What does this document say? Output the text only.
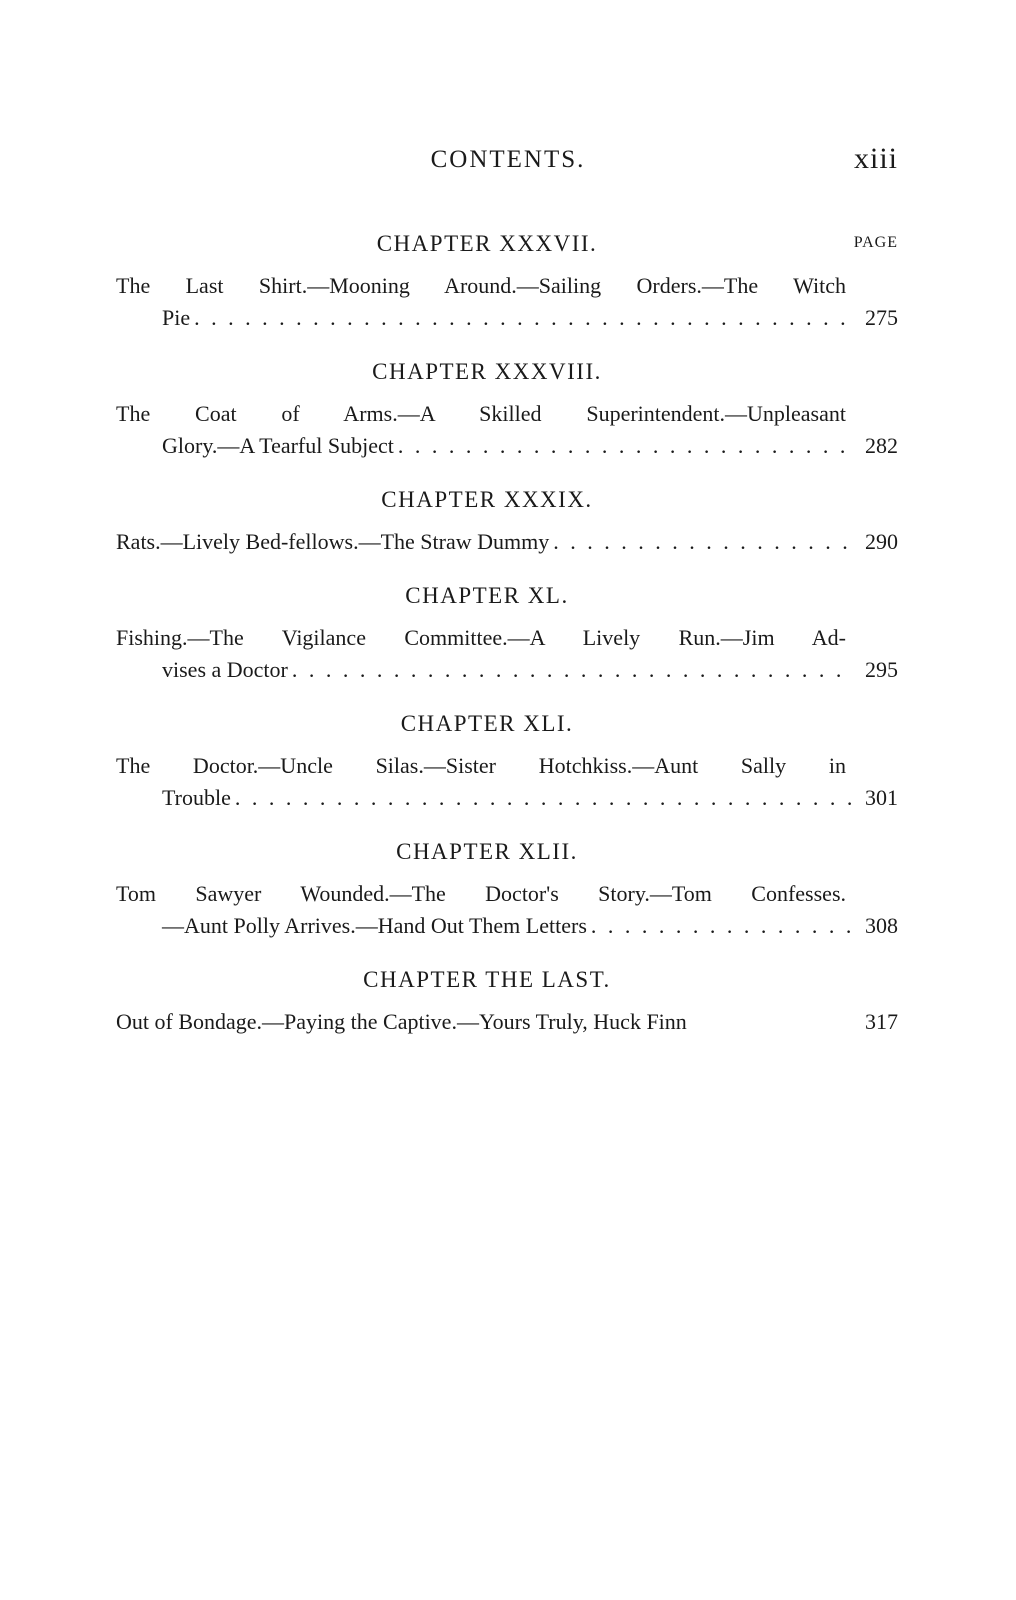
CONTENTS.	xiii
CHAPTER XXXVII.	PAGE
The Last Shirt.—Mooning Around.—Sailing Orders.—The Witch
Pie . . .	275
CHAPTER XXXVIII.
The Coat of Arms.—A Skilled Superintendent.—Unpleasant
Glory.—A Tearful Subject . . .	282
CHAPTER XXXIX.
Rats.—Lively Bed-fellows.—The Straw Dummy . . .	290
CHAPTER XL.
Fishing.—The Vigilance Committee.—A Lively Run.—Jim Ad-
vises a Doctor . . .	295
CHAPTER XLI.
The Doctor.—Uncle Silas.—Sister Hotchkiss.—Aunt Sally in
Trouble . . .	301
CHAPTER XLII.
Tom Sawyer Wounded.—The Doctor's Story.—Tom Confesses.
—Aunt Polly Arrives.—Hand Out Them Letters . . .	308
CHAPTER THE LAST.
Out of Bondage.—Paying the Captive.—Yours Truly, Huck Finn	317
